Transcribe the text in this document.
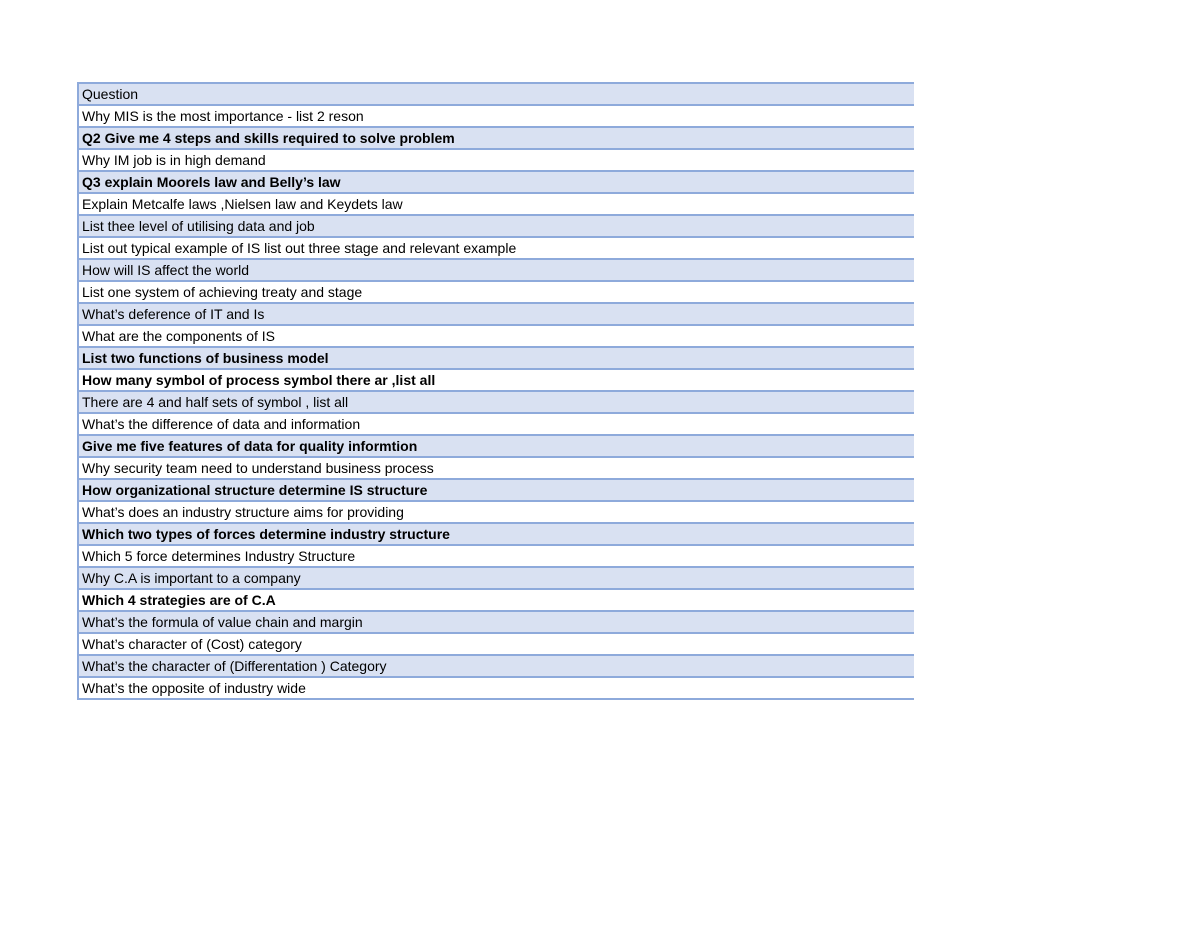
Question
Why MIS is the most importance - list 2 reson
Q2 Give me 4 steps and skills required to solve problem
Why IM job is in high demand
Q3 explain Moorels law and Belly’s law
Explain Metcalfe laws ,Nielsen law and Keydets law
List thee level of utilising data and job
List out typical example of IS list out three stage and relevant example
How will IS affect the world
List one system of achieving treaty and stage
What’s deference of IT and Is
What are the components of IS
List two functions of business model
How many symbol of process symbol there ar ,list all
There are 4 and half sets of symbol , list all
What’s the difference of data and information
Give me five features of data for quality informtion
Why security team need to understand business process
How organizational structure determine IS structure
What’s does an industry structure aims for providing
Which two types of forces determine industry structure
Which 5 force determines Industry Structure
Why C.A is important to a company
Which 4 strategies are of C.A
What’s the formula of value chain and margin
What’s character of (Cost) category
What’s the character of (Differentation ) Category
What’s the opposite of industry wide
